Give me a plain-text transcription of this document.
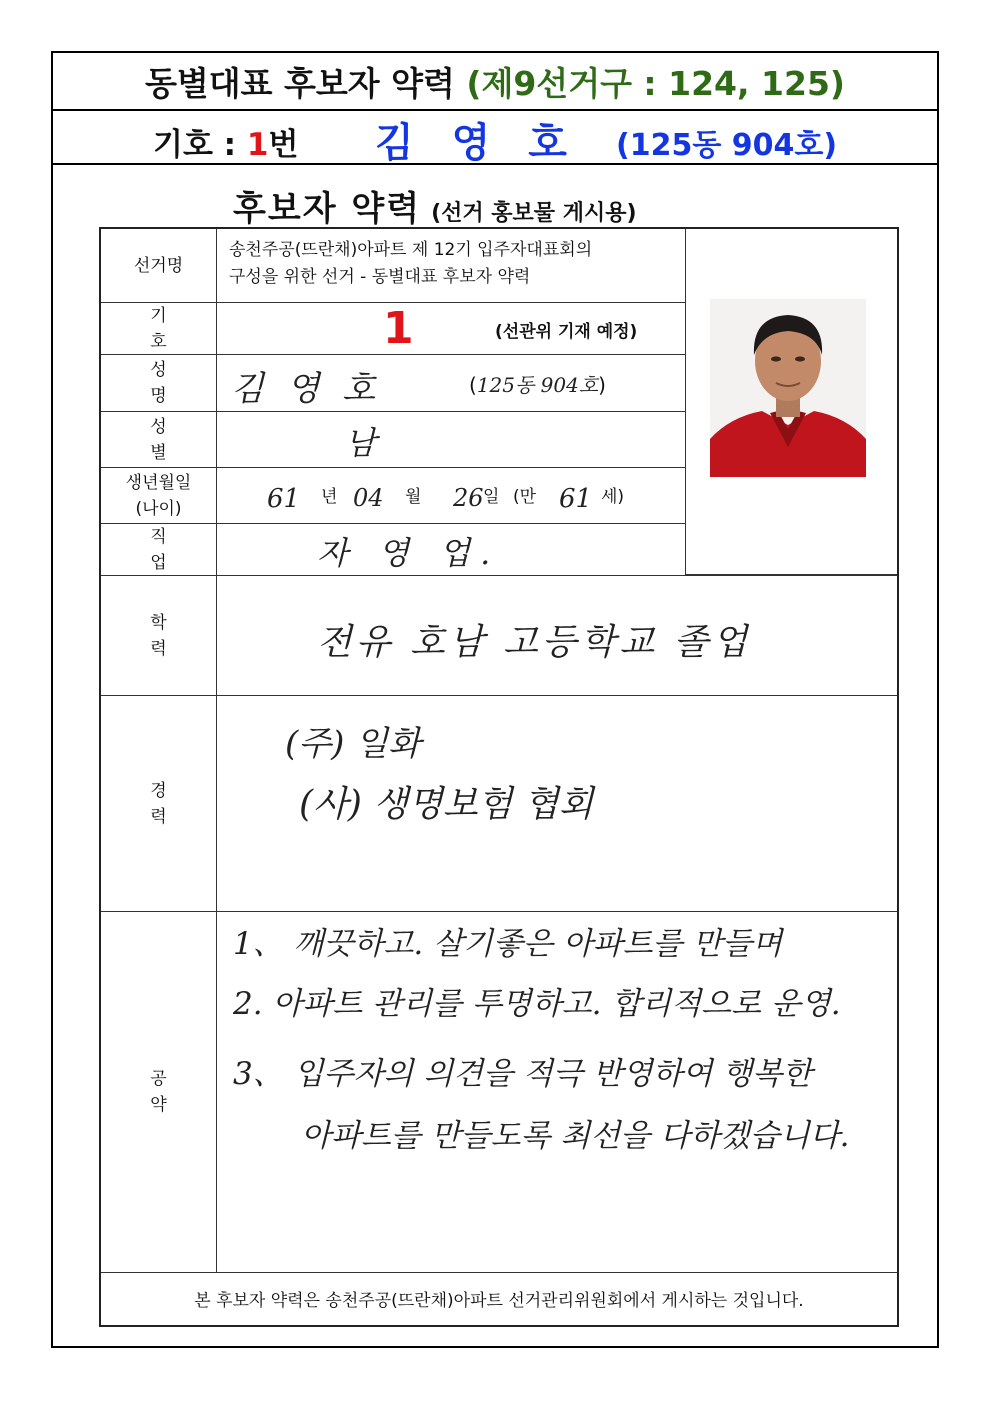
동별대표 후보자 약력
(제9선거구 : 124, 125)
기호 : 1번 김 영 호	(125동 904호)
후보자 약력 (선거 홍보물 게시용)
선거명
송천주공(뜨란채)아파트 제 12기 입주자대표회의
구성을 위한 선거 - 동별대표 후보자 약력
기 호	1	(선관위 기재 예정)
성 명	김 영 호	(125동 904호)
성 별	남
생년월일
(나이)	61 년 04 월 26 일 (만 61 세)
직 업	자 영 업.
학 력	전유 호남 고등학교 졸업
경 력
(주) 일화
(사) 생명보험 협회
공 약
1、 깨끗하고. 살기좋은 아파트를 만들며
2. 아파트 관리를 투명하고. 합리적으로 운영.
3、 입주자의 의견을 적극 반영하여 행복한
아파트를 만들도록 최선을 다하겠습니다.
본 후보자 약력은 송천주공(뜨란채)아파트 선거관리위원회에서 게시하는 것입니다.
